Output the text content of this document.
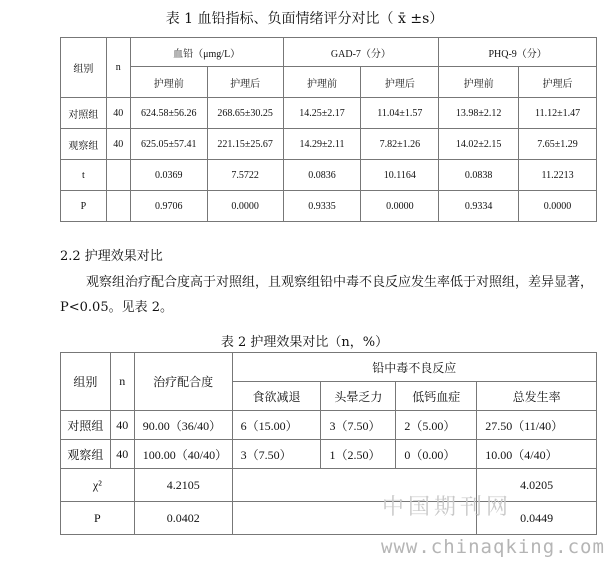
表 1 血铅指标、负面情绪评分对比（ x̄ ±s）
组别	n	血铅（μmg/L）		GAD-7（分）		PHQ-9（分）	
		护理前	护理后	护理前	护理后	护理前	护理后
对照组	40	624.58±56.26	268.65±30.25	14.25±2.17	11.04±1.57	13.98±2.12	11.12±1.47
观察组	40	625.05±57.41	221.15±25.67	14.29±2.11	7.82±1.26	14.02±2.15	7.65±1.29
t		0.0369	7.5722	0.0836	10.1164	0.0838	11.2213
P		0.9706	0.0000	0.9335	0.0000	0.9334	0.0000
2.2 护理效果对比
观察组治疗配合度高于对照组，且观察组铅中毒不良反应发生率低于对照组，差异显著，P<0.05。见表 2。
表 2 护理效果对比（n，%）
组别	n	治疗配合度	铅中毒不良反应			
			食欲减退	头晕乏力	低钙血症	总发生率
对照组	40	90.00（36/40）	6（15.00）	3（7.50）	2（5.00）	27.50（11/40）
观察组	40	100.00（40/40）	3（7.50）	1（2.50）	0（0.00）	10.00（4/40）
χ²		4.2105				4.0205
P		0.0402				0.0449
中国期刊网
www.chinaqking.com
